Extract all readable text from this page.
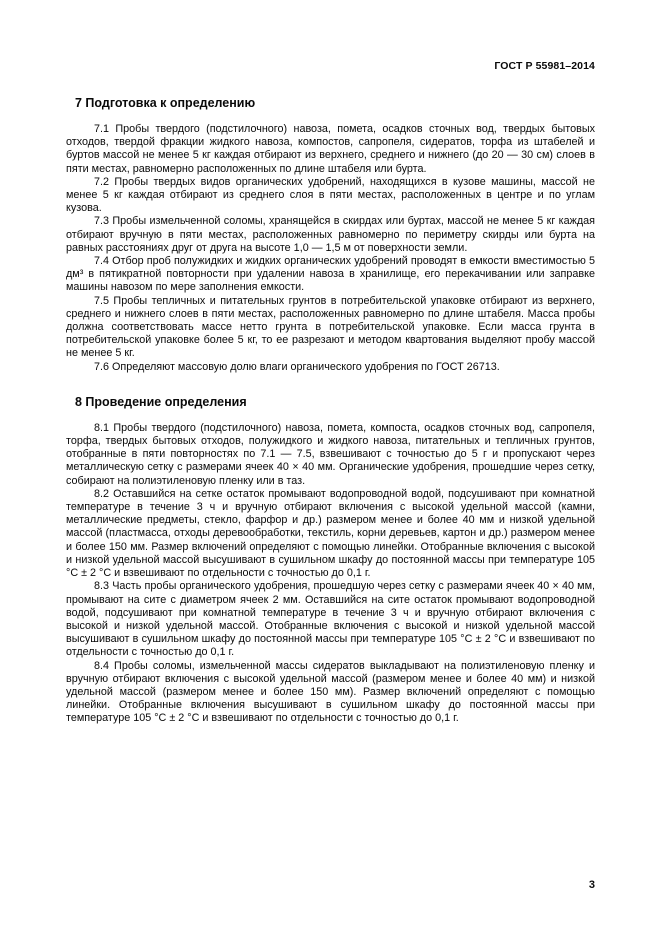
ГОСТ Р 55981–2014
7 Подготовка к определению

7.1 Пробы твердого (подстилочного) навоза, помета, осадков сточных вод, твердых бытовых отходов, твердой фракции жидкого навоза, компостов, сапропеля, сидератов, торфа из штабелей и буртов массой не менее 5 кг каждая отбирают из верхнего, среднего и нижнего (до 20 — 30 см) слоев в пяти местах, равномерно расположенных по длине штабеля или бурта.

7.2 Пробы твердых видов органических удобрений, находящихся в кузове машины, массой не менее 5 кг каждая отбирают из среднего слоя в пяти местах, расположенных в центре и по углам кузова.

7.3 Пробы измельченной соломы, хранящейся в скирдах или буртах, массой не менее 5 кг каждая отбирают вручную в пяти местах, расположенных равномерно по периметру скирды или бурта на равных расстояниях друг от друга на высоте 1,0 — 1,5 м от поверхности земли.

7.4 Отбор проб полужидких и жидких органических удобрений проводят в емкости вместимостью 5 дм³ в пятикратной повторности при удалении навоза в хранилище, его перекачивании или заправке машины навозом по мере заполнения емкости.

7.5 Пробы тепличных и питательных грунтов в потребительской упаковке отбирают из верхнего, среднего и нижнего слоев в пяти местах, расположенных равномерно по длине штабеля. Масса пробы должна соответствовать массе нетто грунта в потребительской упаковке. Если масса грунта в потребительской упаковке более 5 кг, то ее разрезают и методом квартования выделяют пробу массой не менее 5 кг.

7.6 Определяют массовую долю влаги органического удобрения по ГОСТ 26713.

8 Проведение определения

8.1 Пробы твердого (подстилочного) навоза, помета, компоста, осадков сточных вод, сапропеля, торфа, твердых бытовых отходов, полужидкого и жидкого навоза, питательных и тепличных грунтов, отобранные в пяти повторностях по 7.1 — 7.5, взвешивают с точностью до 5 г и пропускают через металлическую сетку с размерами ячеек 40 × 40 мм. Органические удобрения, прошедшие через сетку, собирают на полиэтиленовую пленку или в таз.

8.2 Оставшийся на сетке остаток промывают водопроводной водой, подсушивают при комнатной температуре в течение 3 ч и вручную отбирают включения с высокой удельной массой (камни, металлические предметы, стекло, фарфор и др.) размером менее и более 40 мм и низкой удельной массой (пластмасса, отходы деревообработки, текстиль, корни деревьев, картон и др.) размером менее и более 150 мм. Размер включений определяют с помощью линейки. Отобранные включения с высокой и низкой удельной массой высушивают в сушильном шкафу до постоянной массы при температуре 105 °С ± 2 °С и взвешивают по отдельности с точностью до 0,1 г.

8.3 Часть пробы органического удобрения, прошедшую через сетку с размерами ячеек 40 × 40 мм, промывают на сите с диаметром ячеек 2 мм. Оставшийся на сите остаток промывают водопроводной водой, подсушивают при комнатной температуре в течение 3 ч и вручную отбирают включения с высокой и низкой удельной массой. Отобранные включения с высокой и низкой удельной массой высушивают в сушильном шкафу до постоянной массы при температуре 105 °С ± 2 °С и взвешивают по отдельности с точностью до 0,1 г.

8.4 Пробы соломы, измельченной массы сидератов выкладывают на полиэтиленовую пленку и вручную отбирают включения с высокой удельной массой (размером менее и более 40 мм) и низкой удельной массой (размером менее и более 150 мм). Размер включений определяют с помощью линейки. Отобранные включения высушивают в сушильном шкафу до постоянной массы при температуре 105 °С ± 2 °С и взвешивают по отдельности с точностью до 0,1 г.

3
